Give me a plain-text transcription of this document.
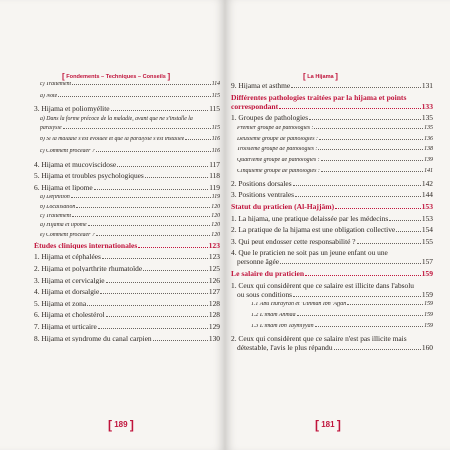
[ Fondements – Techniques – Conseils ]
c) Traitement	114
d) Note	115
3. Hijama et poliomyélite	115
a) Dans la forme précoce de la maladie, avant que ne s'installe la
paralysie	115
b) Si la maladie s'est évoluée et que la paralysie s'est installée	116
c) Comment procéder ?	116
4. Hijama et mucoviscidose	117
5. Hijama et troubles psychologiques	118
6. Hijama et lipome	119
a) Définition	119
b) Localisation	120
c) Traitement	120
d) Hijama et lipome	120
e) Comment procéder ?	120
Études cliniques internationales	123
1. Hijama et céphalées	123
2. Hijama et polyarthrite rhumatoïde	125
3. Hijama et cervicalgie	126
4. Hijama et dorsalgie	127
5. Hijama et zona	128
6. Hijama et cholestérol	128
7. Hijama et urticaire	129
8. Hijama et syndrome du canal carpien	130
[ 189 ]
[ La Hijama ]
9. Hijama et asthme	131
Différentes pathologies traitées par la hijama et points
correspondant	133
1. Groupes de pathologies	135
Premier groupe de pathologies :	135
Deuxième groupe de pathologies :	136
Troisième groupe de pathologies :	138
Quatrième groupe de pathologies :	139
Cinquième groupe de pathologies :	141
2. Positions dorsales	142
3. Positions ventrales	144
Statut du praticien (Al-Hajjâm)	153
1. La hijama, une pratique delaissée par les médecins	153
2. La pratique de la hijama est une obligation collective	154
3. Qui peut endosser cette responsabilité ?	155
4. Que le praticien ne soit pas un jeune enfant ou une
personne âgée	157
Le salaire du praticien	159
1. Ceux qui considèrent que ce salaire est illicite dans l'absolu
ou sous conditions	159
1.1 Abû Hurayrah et 'Uthmân Ibn 'Affân	159
1.2 L'imam Ahmad	159
1.3 L'imam Ibn Taymiyyah	159
2. Ceux qui considèrent que ce salaire n'est pas illicite mais
détestable, l'avis le plus répandu	160
[ 181 ]
